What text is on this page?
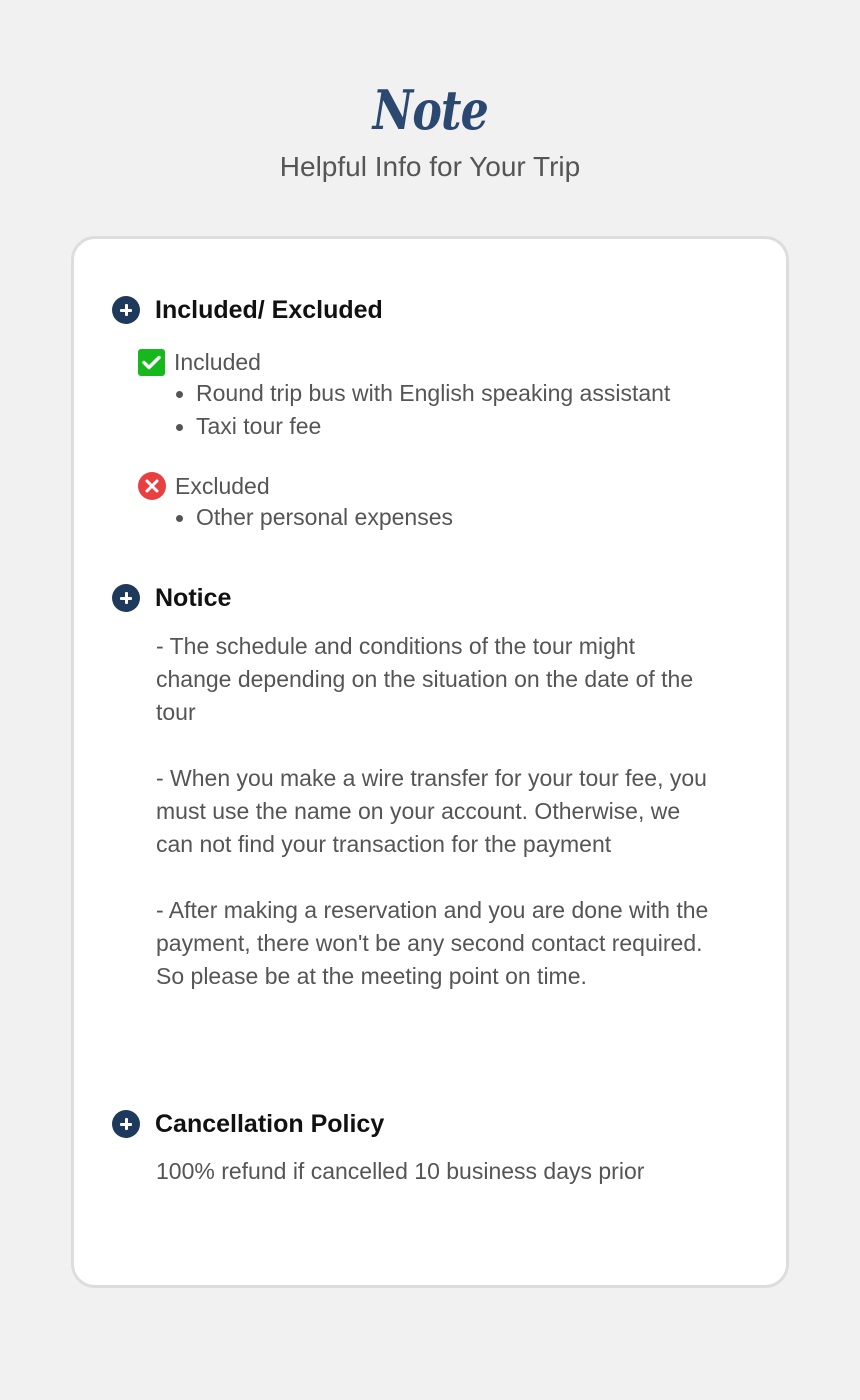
Note
Helpful Info for Your Trip
Included/ Excluded
Included
Round trip bus with English speaking assistant
Taxi tour fee
Excluded
Other personal expenses
Notice

- The schedule and conditions of the tour might change depending on the situation on the date of the tour

- When you make a wire transfer for your tour fee, you must use the name on your account. Otherwise, we can not find your transaction for the payment

- After making a reservation and you are done with the payment, there won't be any second contact required. So please be at the meeting point on time.

Cancellation Policy

100% refund if cancelled 10 business days prior
